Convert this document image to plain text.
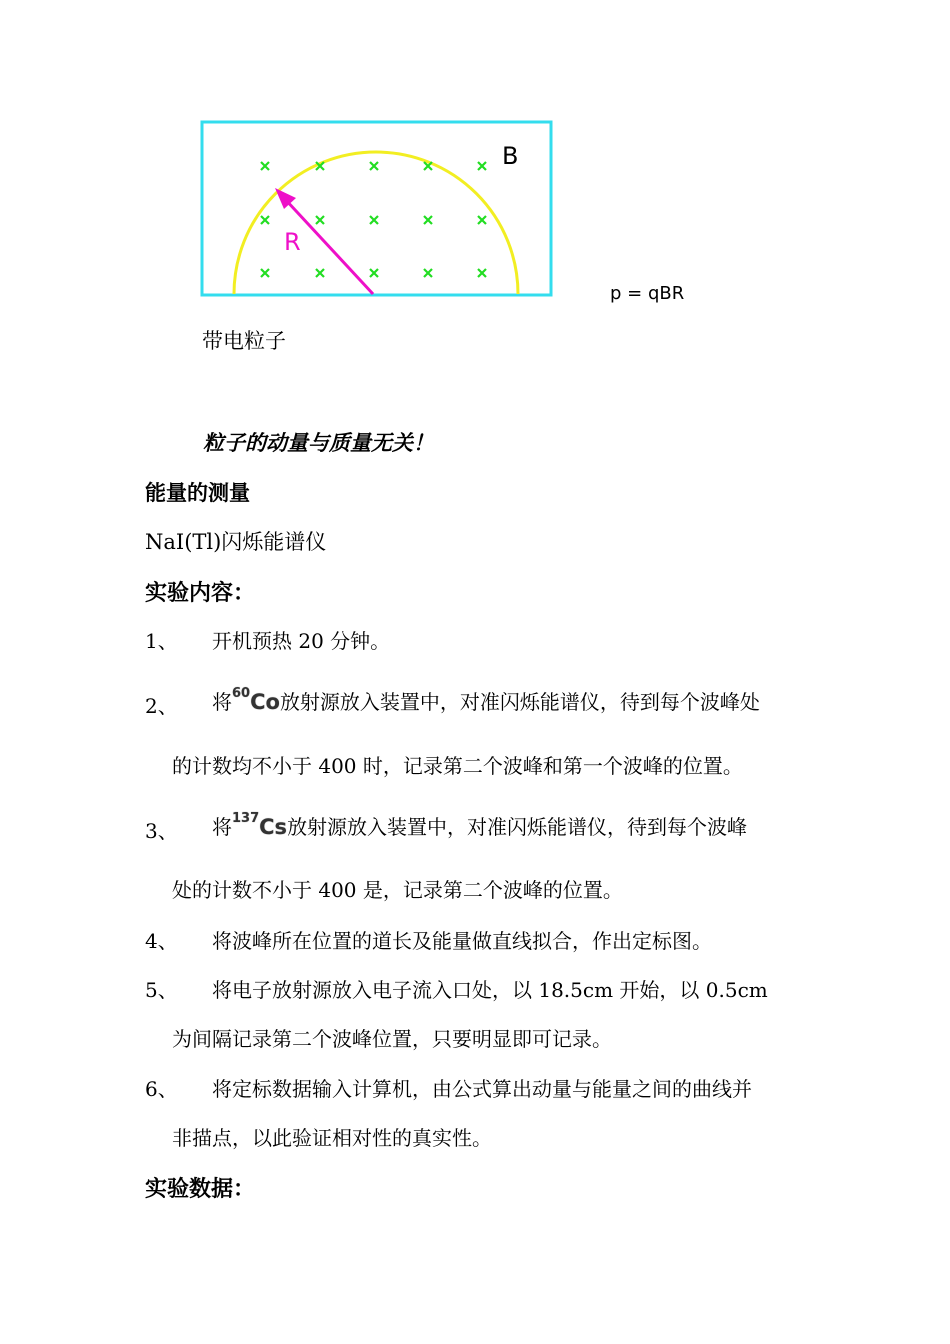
R
B
p = qBR
带电粒子
粒子的动量与质量无关！
能量的测量
NaI(Tl)闪烁能谱仪
实验内容：
1、 开机预热 20 分钟。
2、 将$^{60}$Co放射源放入装置中，对准闪烁能谱仪，待到每个波峰处
的计数均不小于 400 时，记录第二个波峰和第一个波峰的位置。
3、 将$^{137}$Cs放射源放入装置中，对准闪烁能谱仪，待到每个波峰
处的计数不小于 400 是，记录第二个波峰的位置。
4、 将波峰所在位置的道长及能量做直线拟合，作出定标图。
5、 将电子放射源放入电子流入口处，以 18.5cm 开始，以 0.5cm
为间隔记录第二个波峰位置，只要明显即可记录。
6、 将定标数据输入计算机，由公式算出动量与能量之间的曲线并
非描点，以此验证相对性的真实性。
实验数据：
